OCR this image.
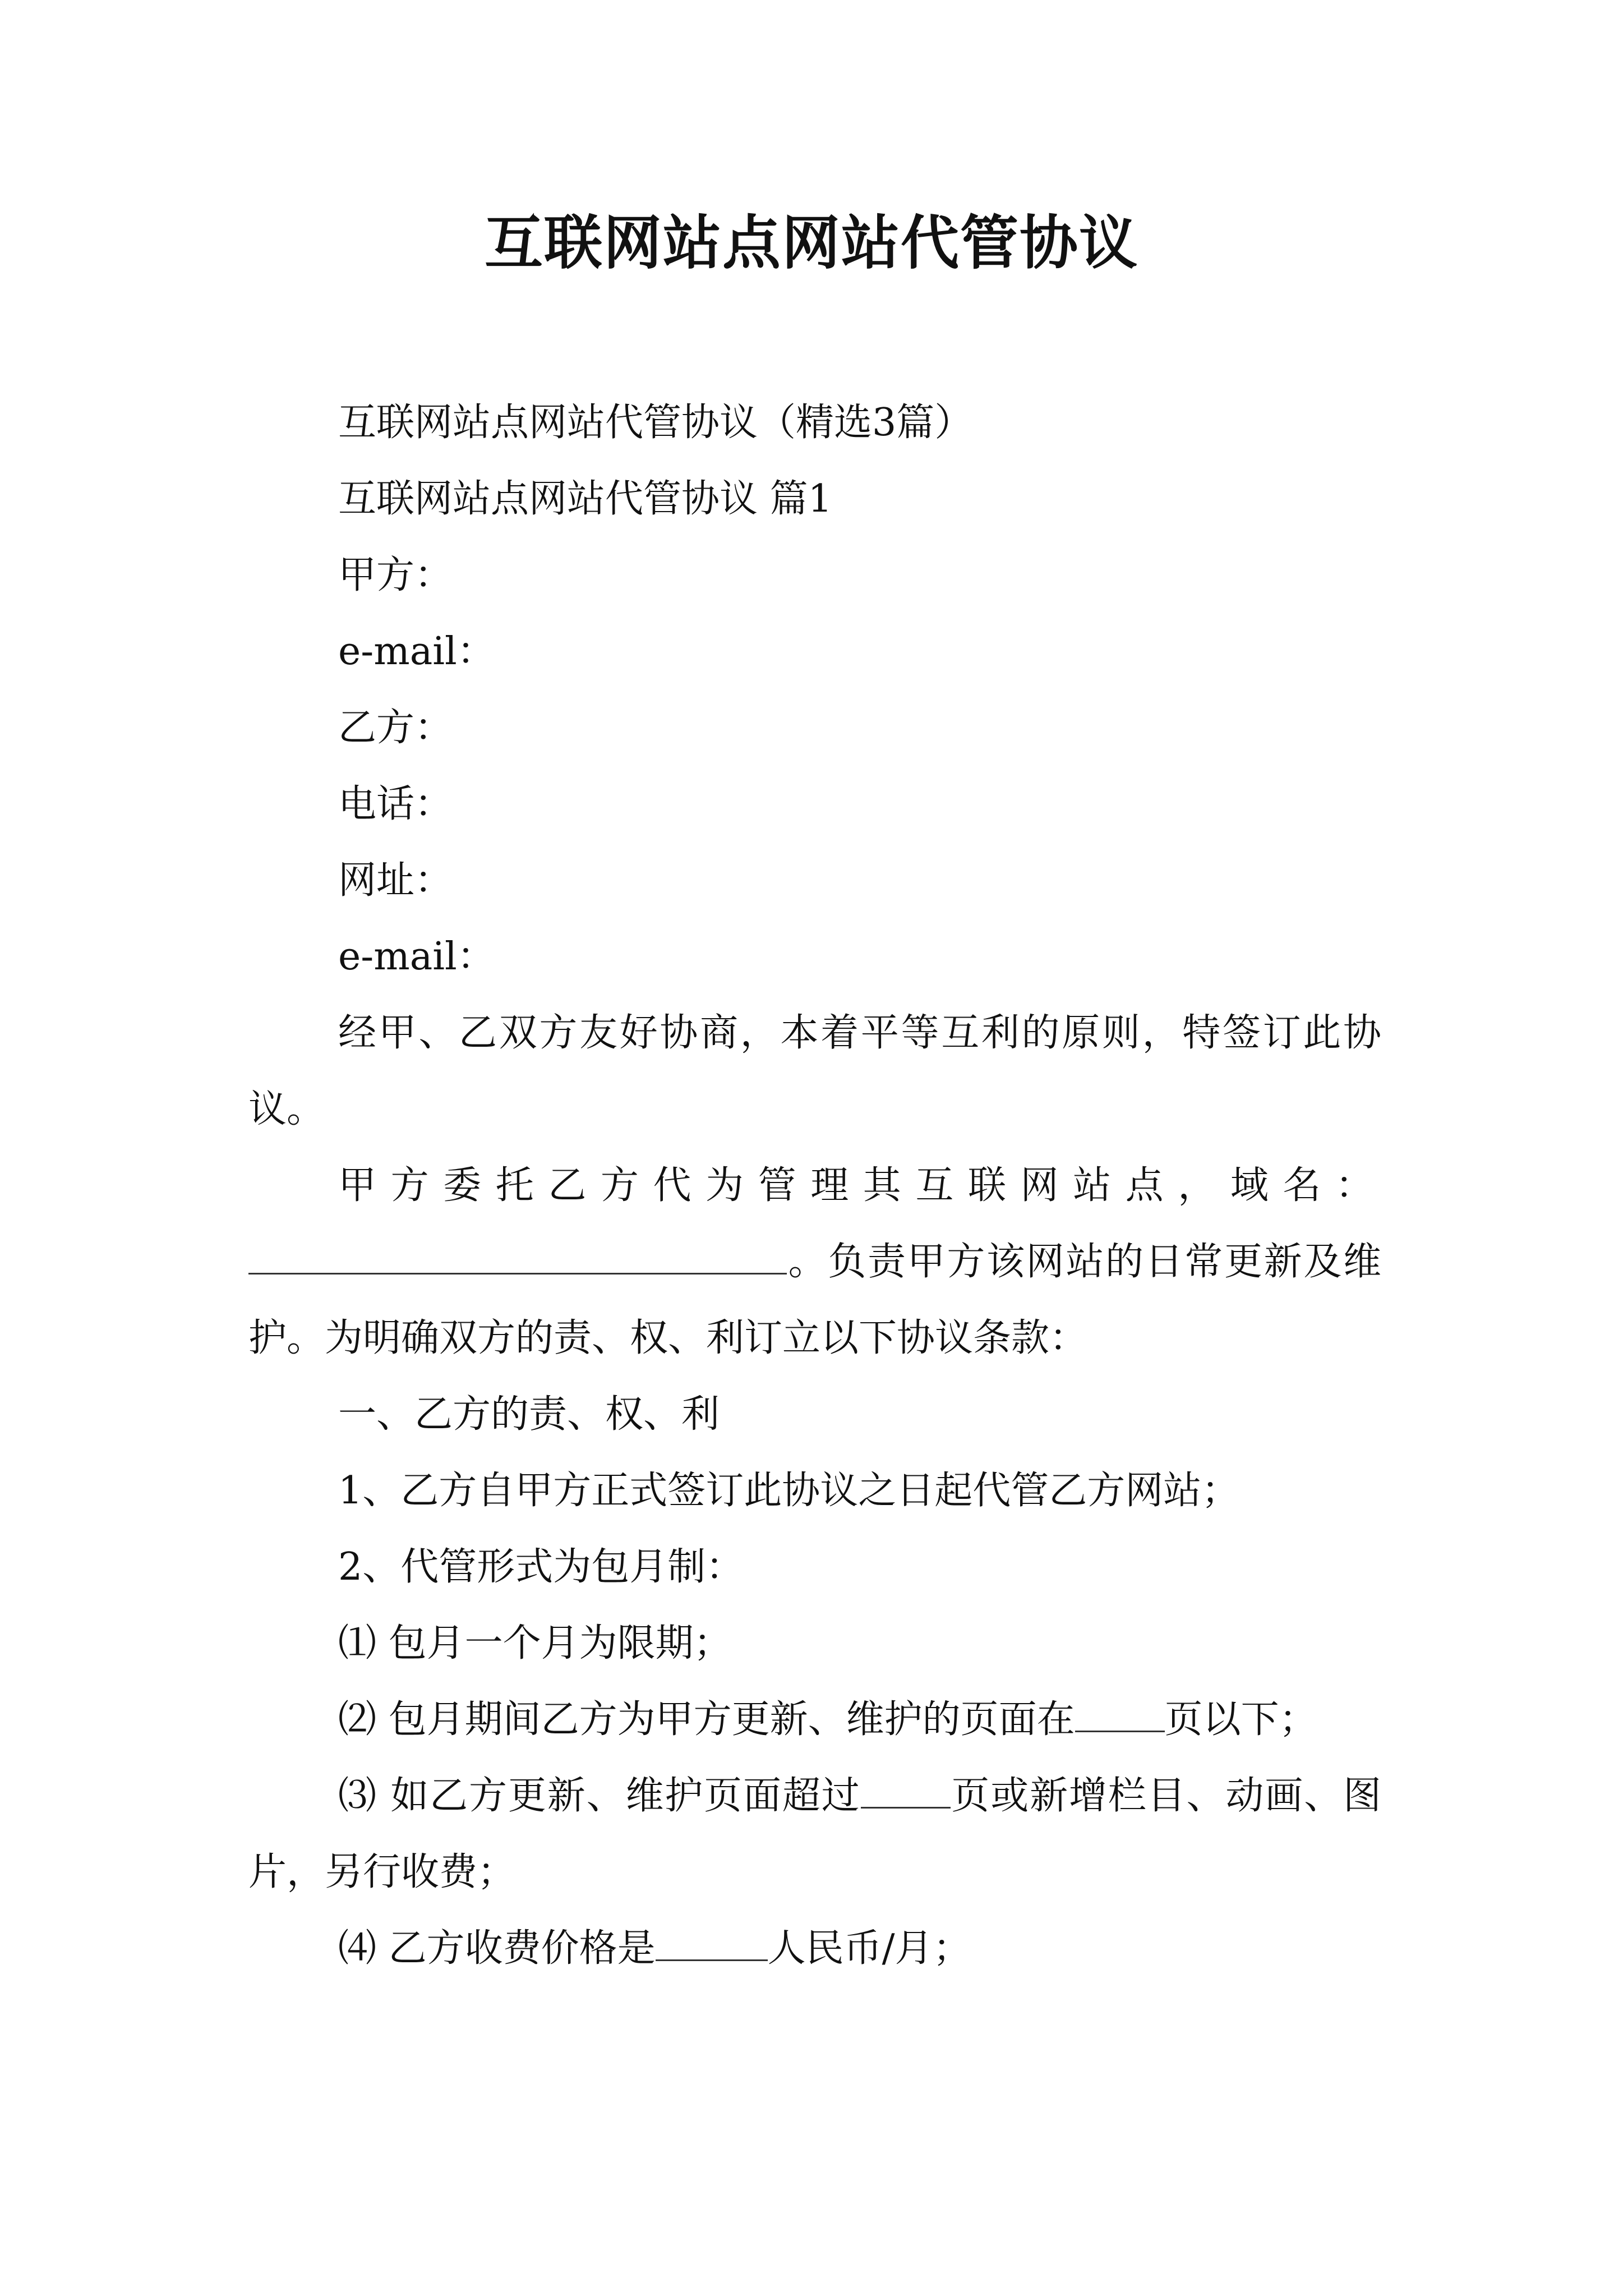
互联网站点网站代管协议

互联网站点网站代管协议（精选3篇）

互联网站点网站代管协议 篇1

甲方：

e-mail：

乙方：

电话：

网址：

e-mail：

经甲、乙双方友好协商，本着平等互利的原则，特签订此协议。

甲方委托乙方代为管理其互联网站点，域名：。负责甲方该网站的日常更新及维护。为明确双方的责、权、利订立以下协议条款：

一、乙方的责、权、利

1、乙方自甲方正式签订此协议之日起代管乙方网站；

2、代管形式为包月制：

⑴ 包月一个月为限期；

⑵ 包月期间乙方为甲方更新、维护的页面在 页以下；

⑶ 如乙方更新、维护页面超过 页或新增栏目、动画、图片，另行收费；

⑷ 乙方收费价格是	人民币/月；
